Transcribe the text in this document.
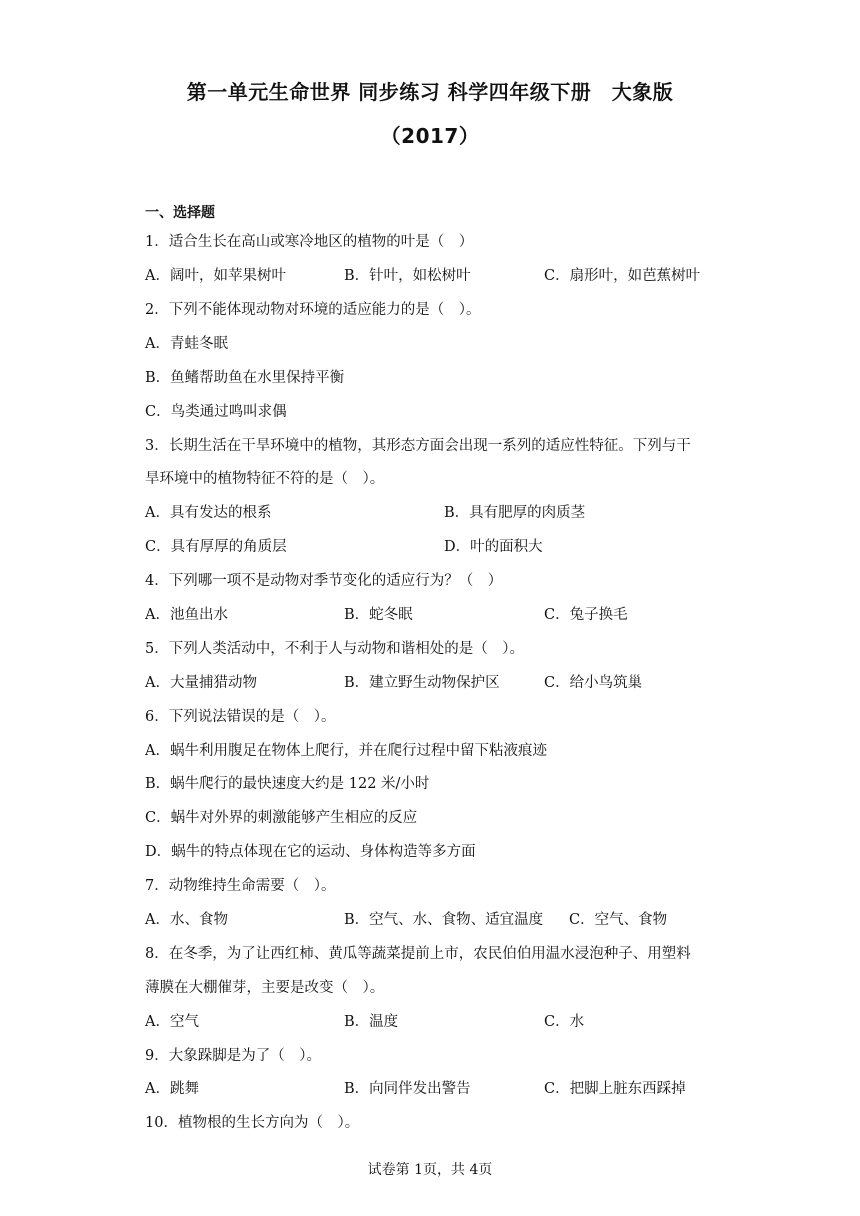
第一单元生命世界 同步练习 科学四年级下册　大象版
（2017）
一、选择题
1．适合生长在高山或寒冷地区的植物的叶是（　）
A．阔叶，如苹果树叶	B．针叶，如松树叶	C．扇形叶，如芭蕉树叶
2．下列不能体现动物对环境的适应能力的是（　）。
A．青蛙冬眠
B．鱼鳍帮助鱼在水里保持平衡
C．鸟类通过鸣叫求偶
3．长期生活在干旱环境中的植物，其形态方面会出现一系列的适应性特征。下列与干
旱环境中的植物特征不符的是（　）。
A．具有发达的根系	B．具有肥厚的肉质茎
C．具有厚厚的角质层	D．叶的面积大
4．下列哪一项不是动物对季节变化的适应行为？（　）
A．池鱼出水	B．蛇冬眠	C．兔子换毛
5．下列人类活动中，不利于人与动物和谐相处的是（　）。
A．大量捕猎动物	B．建立野生动物保护区	C．给小鸟筑巢
6．下列说法错误的是（　）。
A．蜗牛利用腹足在物体上爬行，并在爬行过程中留下粘液痕迹
B．蜗牛爬行的最快速度大约是 122 米/小时
C．蜗牛对外界的刺激能够产生相应的反应
D．蜗牛的特点体现在它的运动、身体构造等多方面
7．动物维持生命需要（　）。
A．水、食物	B．空气、水、食物、适宜温度 C．空气、食物
8．在冬季，为了让西红柿、黄瓜等蔬菜提前上市，农民伯伯用温水浸泡种子、用塑料
薄膜在大棚催芽，主要是改变（　）。
A．空气	B．温度	C．水
9．大象跺脚是为了（　）。
A．跳舞	B．向同伴发出警告	C．把脚上脏东西踩掉
10．植物根的生长方向为（　）。
试卷第 1页，共 4页
